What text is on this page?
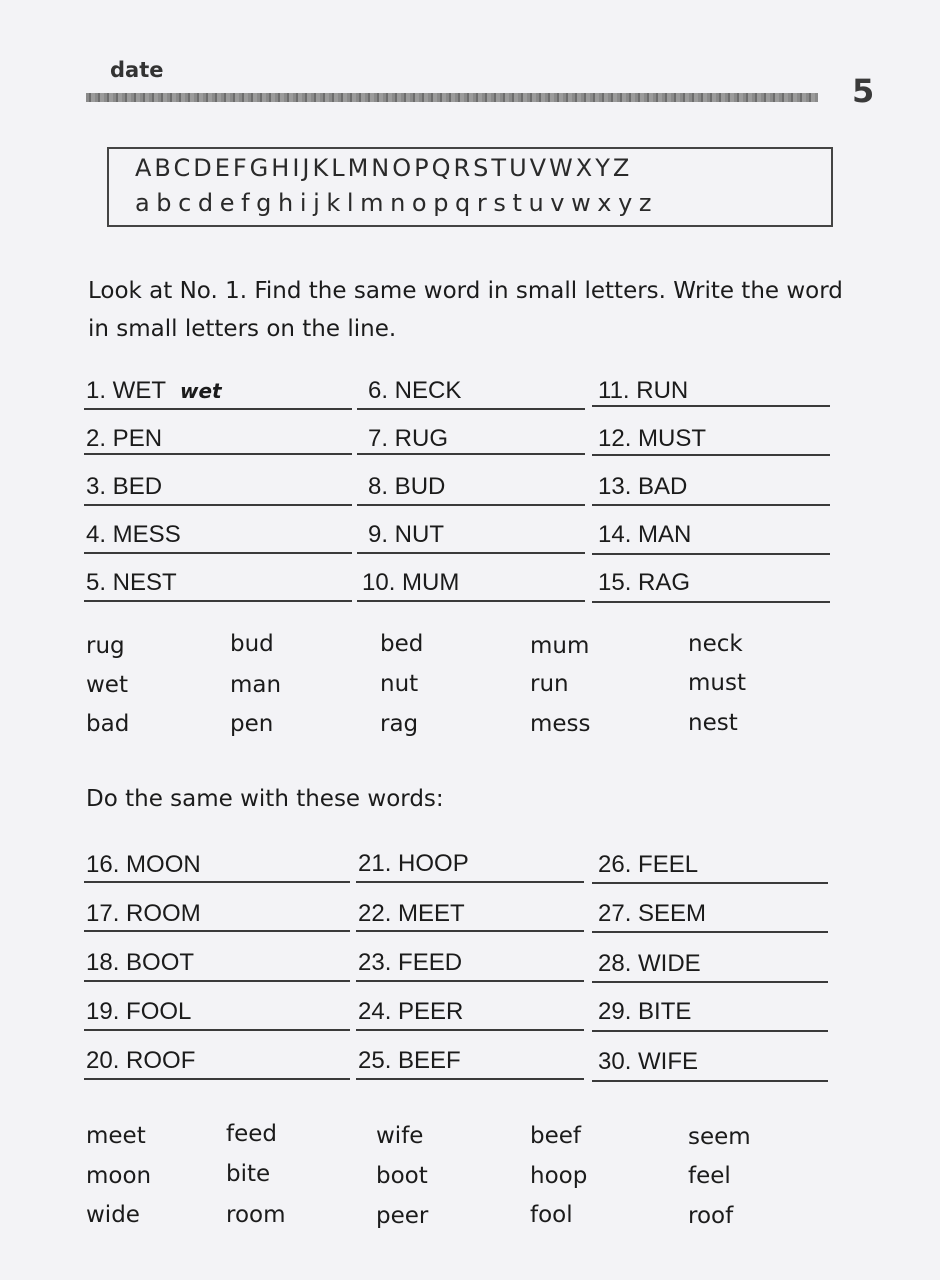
date
5
ABCDEFGHIJKLMNOPQRSTUVWXYZ
abcdefghijklmnopqrstuvwxyz
Look at No. 1. Find the same word in small letters. Write the word in small letters on the line.
1. WET wet
2. PEN
3. BED
4. MESS
5. NEST
6. NECK
7. RUG
8. BUD
9. NUT
10. MUM
11. RUN
12. MUST
13. BAD
14. MAN
15. RAG
rug
wet
bad
bud
man
pen
bed
nut
rag
mum
run
mess
neck
must
nest
Do the same with these words:
16. MOON
17. ROOM
18. BOOT
19. FOOL
20. ROOF
21. HOOP
22. MEET
23. FEED
24. PEER
25. BEEF
26. FEEL
27. SEEM
28. WIDE
29. BITE
30. WIFE
meet
moon
wide
feed
bite
room
wife
boot
peer
beef
hoop
fool
seem
feel
roof
